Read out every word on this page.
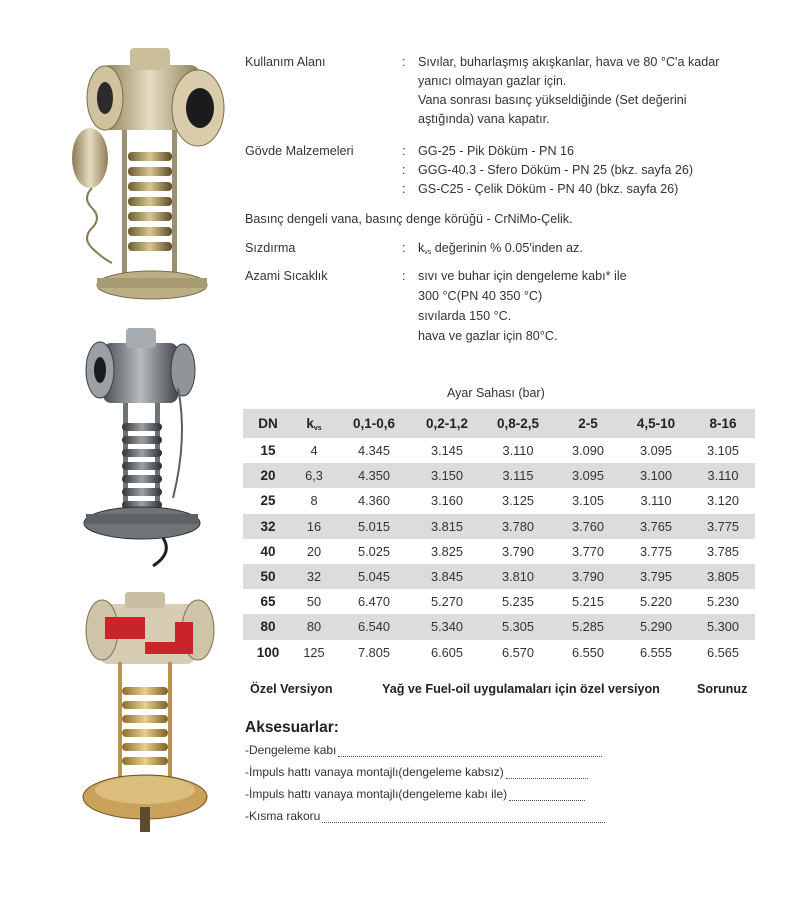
Kullanım Alanı	: Sıvılar, buharlaşmış akışkanlar, hava ve 80 °C'a kadar
yanıcı olmayan gazlar için.
Vana sonrası basınç yükseldiğinde (Set değerini
aştığında) vana kapatır.
Gövde Malzemeleri	: GG-25 - Pik Döküm - PN 16
: GGG-40.3 - Sfero Döküm - PN 25 (bkz. sayfa 26)
: GS-C25 - Çelik Döküm - PN 40 (bkz. sayfa 26)
Basınç dengeli vana, basınç denge körüğü - CrNiMo-Çelik.
Sızdırma	: $k_{vs}$ değerinin % 0.05'inden az.
Azami Sıcaklık	: sıvı ve buhar için dengeleme kabı* ile
300 °C(PN 40 350 °C)
sıvılarda 150 °C.
hava ve gazlar için 80°C.
Ayar Sahası (bar)
DN	$k_{vs}$	0,1-0,6	0,2-1,2	0,8-2,5	2-5	4,5-10	8-16
15	4	4.345	3.145	3.110	3.090	3.095	3.105
20	6,3	4.350	3.150	3.115	3.095	3.100	3.110
25	8	4.360	3.160	3.125	3.105	3.110	3.120
32	16	5.015	3.815	3.780	3.760	3.765	3.775
40	20	5.025	3.825	3.790	3.770	3.775	3.785
50	32	5.045	3.845	3.810	3.790	3.795	3.805
65	50	6.470	5.270	5.235	5.215	5.220	5.230
80	80	6.540	5.340	5.305	5.285	5.290	5.300
100	125	7.805	6.605	6.570	6.550	6.555	6.565
Özel Versiyon	Yağ ve Fuel-oil uygulamaları için özel versiyon	Sorunuz
Aksesuarlar:
-Dengeleme kabı
-İmpuls hattı vanaya montajlı(dengeleme kabsız)
-İmpuls hattı vanaya montajlı(dengeleme kabı ile)
-Kısma rakoru
